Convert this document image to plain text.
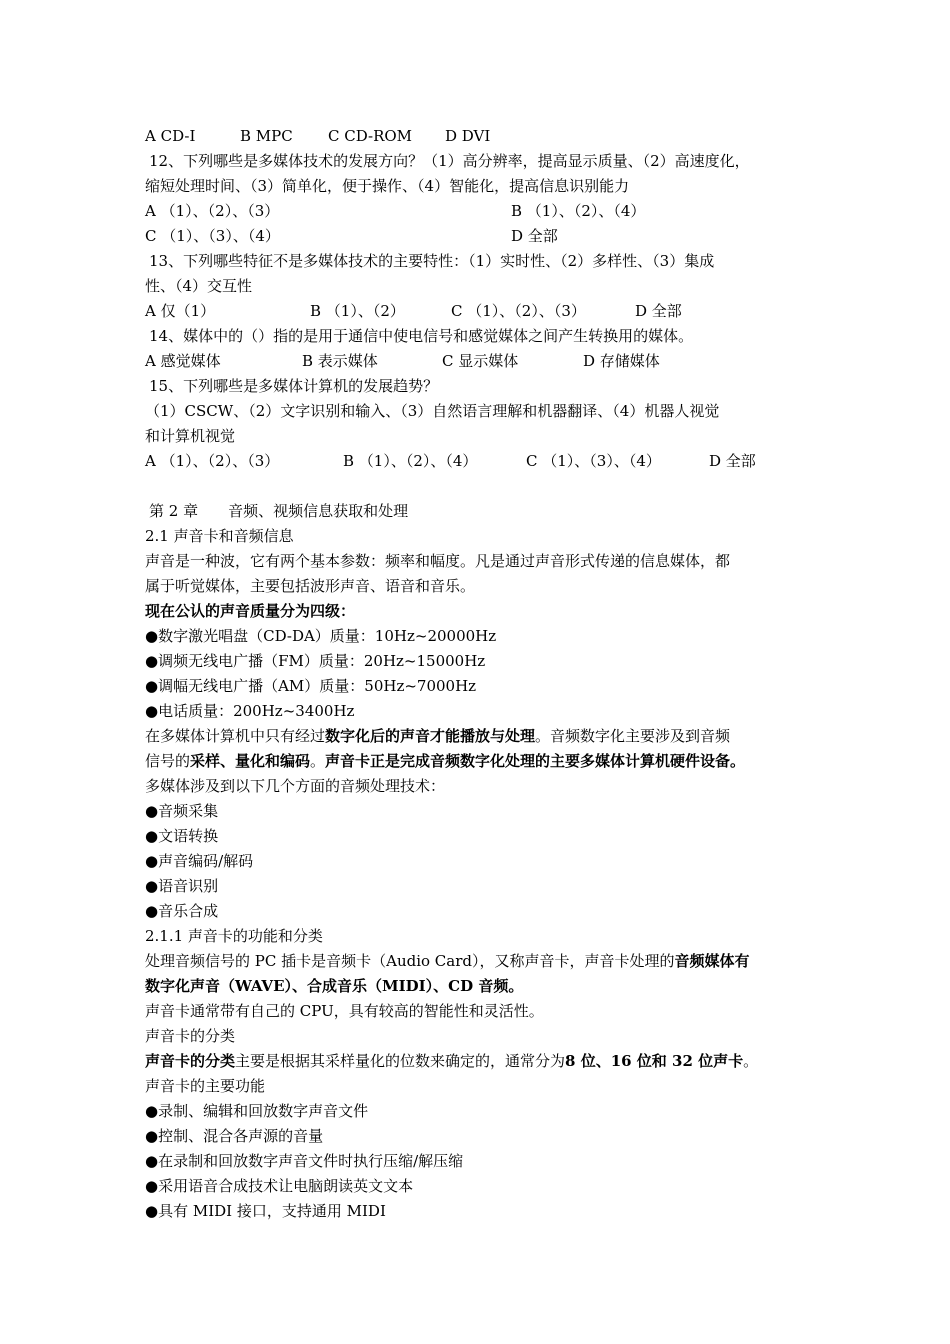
A CD-I	B MPC C CD-ROM D DVI
12、下列哪些是多媒体技术的发展方向？（1）高分辨率，提高显示质量、（2）高速度化，
缩短处理时间、（3）简单化，便于操作、（4）智能化，提高信息识别能力
A （1）、（2）、（3）	B （1）、（2）、（4）
C （1）、（3）、（4）	D 全部
13、下列哪些特征不是多媒体技术的主要特性：（1）实时性、（2）多样性、（3）集成
性、（4）交互性
A 仅（1）	B （1）、（2）	C （1）、（2）、（3）	D 全部
14、媒体中的（）指的是用于通信中使电信号和感觉媒体之间产生转换用的媒体。
A 感觉媒体	B 表示媒体	C 显示媒体	D 存储媒体
15、下列哪些是多媒体计算机的发展趋势？
（1）CSCW、（2）文字识别和输入、（3）自然语言理解和机器翻译、（4）机器人视觉
和计算机视觉
A （1）、（2）、（3）	B （1）、（2）、（4）	C （1）、（3）、（4）	D 全部
第 2 章　　音频、视频信息获取和处理
2.1 声音卡和音频信息
声音是一种波，它有两个基本参数：频率和幅度。凡是通过声音形式传递的信息媒体，都
属于听觉媒体，主要包括波形声音、语音和音乐。
现在公认的声音质量分为四级：
●数字激光唱盘（CD-DA）质量：10Hz~20000Hz
●调频无线电广播（FM）质量：20Hz~15000Hz
●调幅无线电广播（AM）质量：50Hz~7000Hz
●电话质量：200Hz~3400Hz
在多媒体计算机中只有经过数字化后的声音才能播放与处理。音频数字化主要涉及到音频
信号的采样、量化和编码。声音卡正是完成音频数字化处理的主要多媒体计算机硬件设备。
多媒体涉及到以下几个方面的音频处理技术：
●音频采集
●文语转换
●声音编码/解码
●语音识别
●音乐合成
2.1.1 声音卡的功能和分类
处理音频信号的 PC 插卡是音频卡（Audio Card），又称声音卡，声音卡处理的音频媒体有
数字化声音（WAVE）、合成音乐（MIDI）、CD 音频。
声音卡通常带有自己的 CPU，具有较高的智能性和灵活性。
声音卡的分类
声音卡的分类主要是根据其采样量化的位数来确定的，通常分为8 位、16 位和 32 位声卡。
声音卡的主要功能
●录制、编辑和回放数字声音文件
●控制、混合各声源的音量
●在录制和回放数字声音文件时执行压缩/解压缩
●采用语音合成技术让电脑朗读英文文本
●具有 MIDI 接口，支持通用 MIDI
